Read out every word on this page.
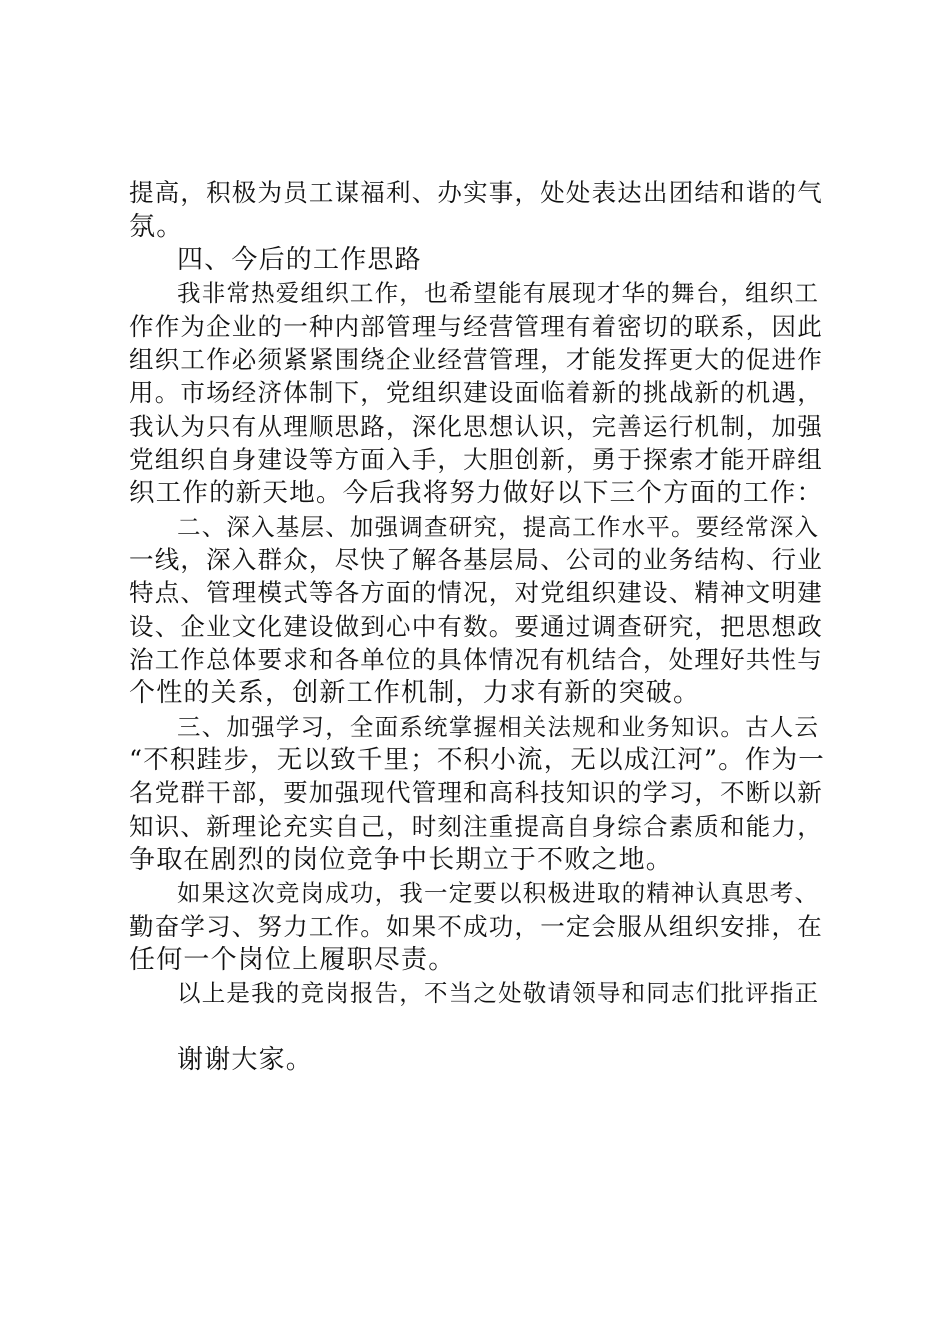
提高，积极为员工谋福利、办实事，处处表达出团结和谐的气
氛。
四、今后的工作思路
我非常热爱组织工作，也希望能有展现才华的舞台，组织工
作作为企业的一种内部管理与经营管理有着密切的联系，因此
组织工作必须紧紧围绕企业经营管理，才能发挥更大的促进作
用。市场经济体制下，党组织建设面临着新的挑战新的机遇，
我认为只有从理顺思路，深化思想认识，完善运行机制，加强
党组织自身建设等方面入手，大胆创新，勇于探索才能开辟组
织工作的新天地。今后我将努力做好以下三个方面的工作：
二、深入基层、加强调查研究，提高工作水平。要经常深入
一线，深入群众，尽快了解各基层局、公司的业务结构、行业
特点、管理模式等各方面的情况，对党组织建设、精神文明建
设、企业文化建设做到心中有数。要通过调查研究，把思想政
治工作总体要求和各单位的具体情况有机结合，处理好共性与
个性的关系，创新工作机制，力求有新的突破。
三、加强学习，全面系统掌握相关法规和业务知识。古人云
“不积跬步，无以致千里；不积小流，无以成江河”。作为一
名党群干部，要加强现代管理和高科技知识的学习，不断以新
知识、新理论充实自己，时刻注重提高自身综合素质和能力，
争取在剧烈的岗位竞争中长期立于不败之地。
如果这次竞岗成功，我一定要以积极进取的精神认真思考、
勤奋学习、努力工作。如果不成功，一定会服从组织安排，在
任何一个岗位上履职尽责。
以上是我的竞岗报告，不当之处敬请领导和同志们批评指正
谢谢大家。
